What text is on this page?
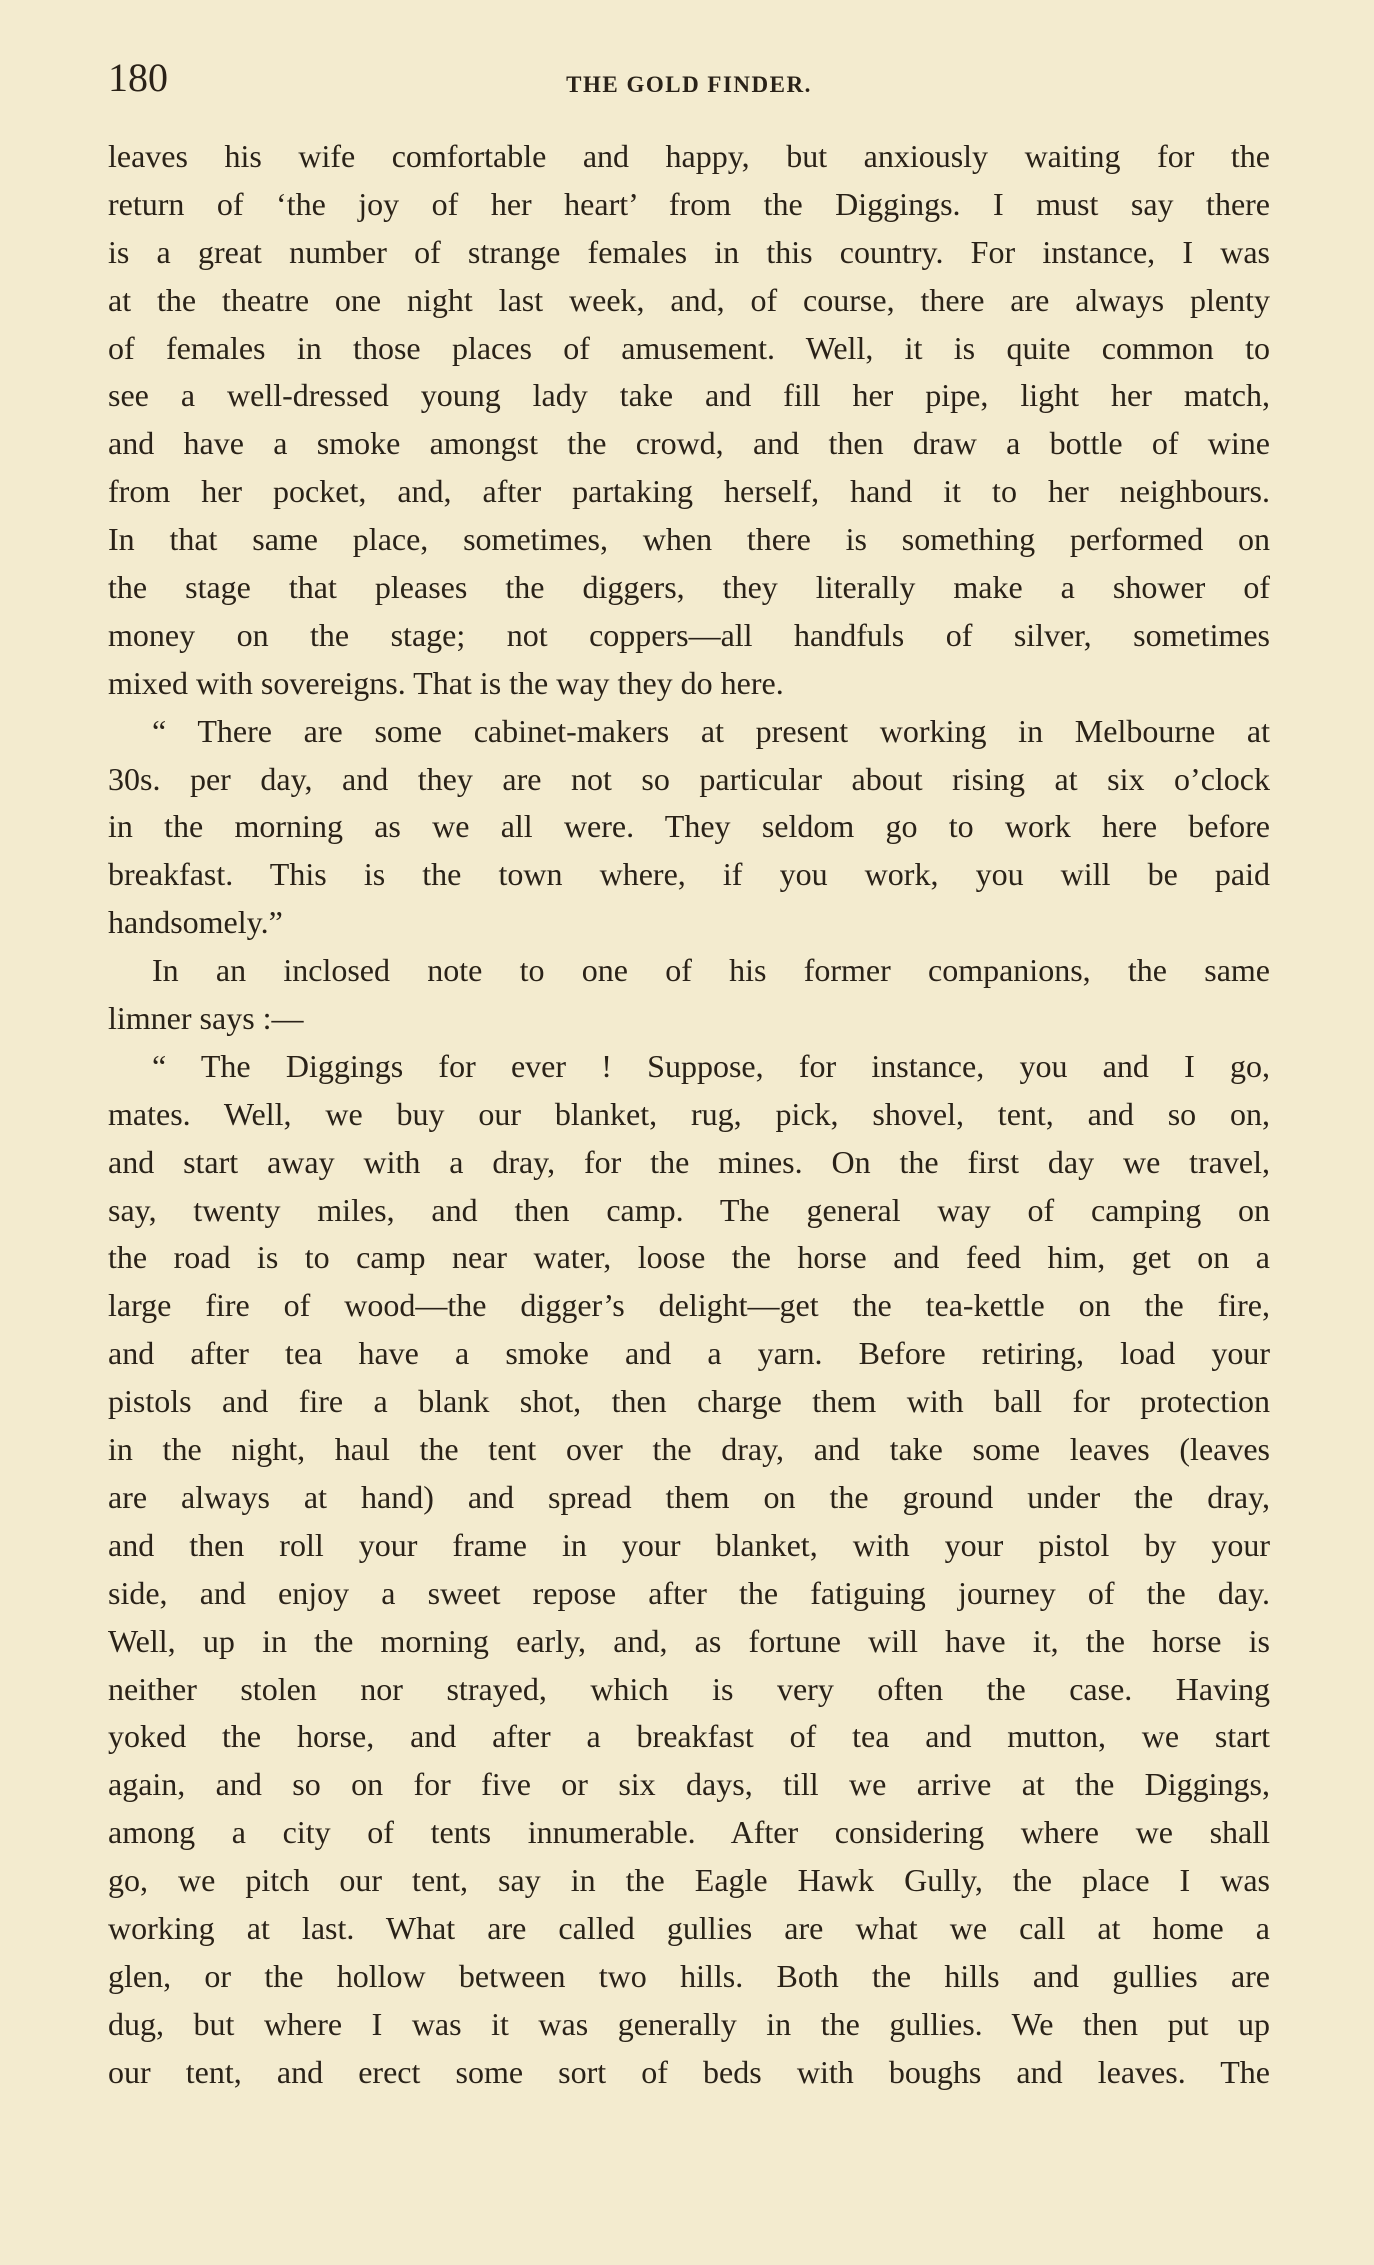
180	THE GOLD FINDER.
leaves his wife comfortable and happy, but anxiously waiting for the
return of ‘the joy of her heart’ from the Diggings. I must say there
is a great number of strange females in this country. For instance, I was
at the theatre one night last week, and, of course, there are always plenty
of females in those places of amusement. Well, it is quite common to
see a well-dressed young lady take and fill her pipe, light her match,
and have a smoke amongst the crowd, and then draw a bottle of wine
from her pocket, and, after partaking herself, hand it to her neighbours.
In that same place, sometimes, when there is something performed on
the stage that pleases the diggers, they literally make a shower of
money on the stage; not coppers—all handfuls of silver, sometimes
mixed with sovereigns. That is the way they do here.
“ There are some cabinet-makers at present working in Melbourne at
30s. per day, and they are not so particular about rising at six o’clock
in the morning as we all were. They seldom go to work here before
breakfast. This is the town where, if you work, you will be paid
handsomely.”
In an inclosed note to one of his former companions, the same
limner says :—
“ The Diggings for ever ! Suppose, for instance, you and I go,
mates. Well, we buy our blanket, rug, pick, shovel, tent, and so on,
and start away with a dray, for the mines. On the first day we travel,
say, twenty miles, and then camp. The general way of camping on
the road is to camp near water, loose the horse and feed him, get on a
large fire of wood—the digger’s delight—get the tea-kettle on the fire,
and after tea have a smoke and a yarn. Before retiring, load your
pistols and fire a blank shot, then charge them with ball for protection
in the night, haul the tent over the dray, and take some leaves (leaves
are always at hand) and spread them on the ground under the dray,
and then roll your frame in your blanket, with your pistol by your
side, and enjoy a sweet repose after the fatiguing journey of the day.
Well, up in the morning early, and, as fortune will have it, the horse is
neither stolen nor strayed, which is very often the case. Having
yoked the horse, and after a breakfast of tea and mutton, we start
again, and so on for five or six days, till we arrive at the Diggings,
among a city of tents innumerable. After considering where we shall
go, we pitch our tent, say in the Eagle Hawk Gully, the place I was
working at last. What are called gullies are what we call at home a
glen, or the hollow between two hills. Both the hills and gullies are
dug, but where I was it was generally in the gullies. We then put up
our tent, and erect some sort of beds with boughs and leaves. The
